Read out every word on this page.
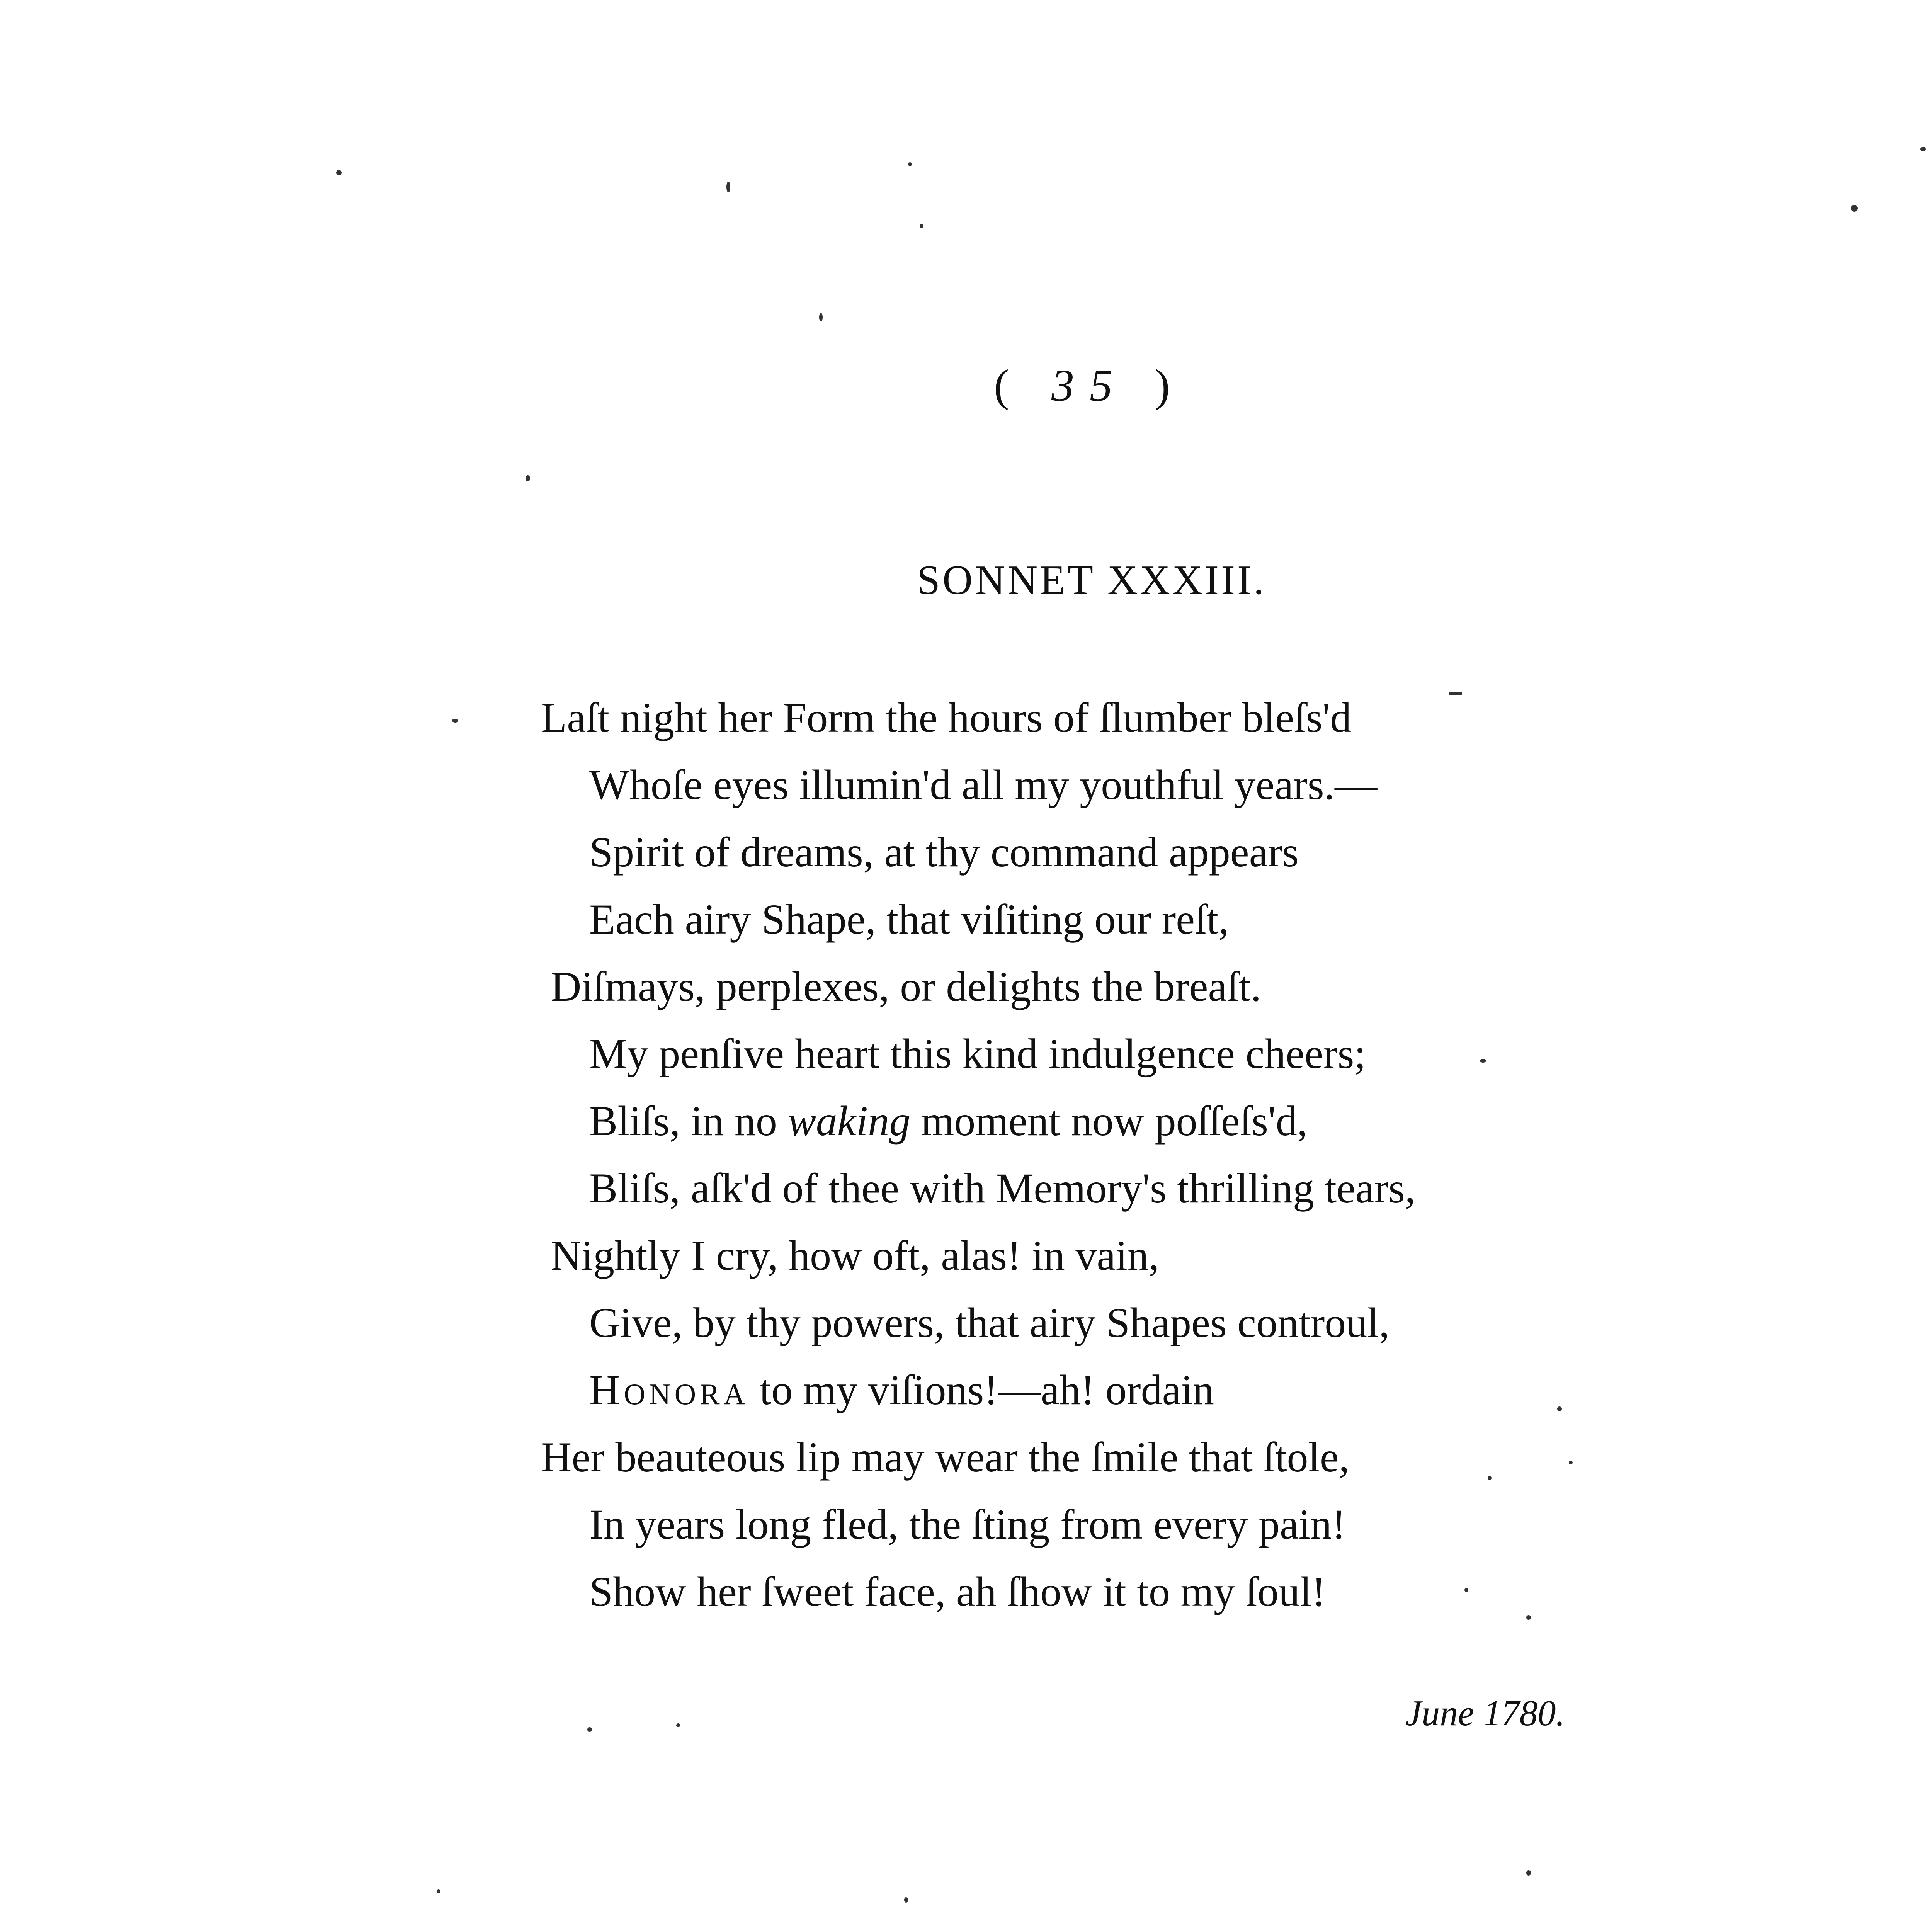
( 35 )
SONNET XXXIII.
Laſt night her Form the hours of ſlumber bleſs'd
Whoſe eyes illumin'd all my youthful years.—
Spirit of dreams, at thy command appears
Each airy Shape, that viſiting our reſt,
Diſmays, perplexes, or delights the breaſt.
My penſive heart this kind indulgence cheers;
Bliſs, in no waking moment now poſſeſs'd,
Bliſs, aſk'd of thee with Memory's thrilling tears,
Nightly I cry, how oft, alas! in vain,
Give, by thy powers, that airy Shapes controul,
Honora to my viſions!—ah! ordain
Her beauteous lip may wear the ſmile that ſtole,
In years long fled, the ſting from every pain!
Show her ſweet face, ah ſhow it to my ſoul!
June 1780.
